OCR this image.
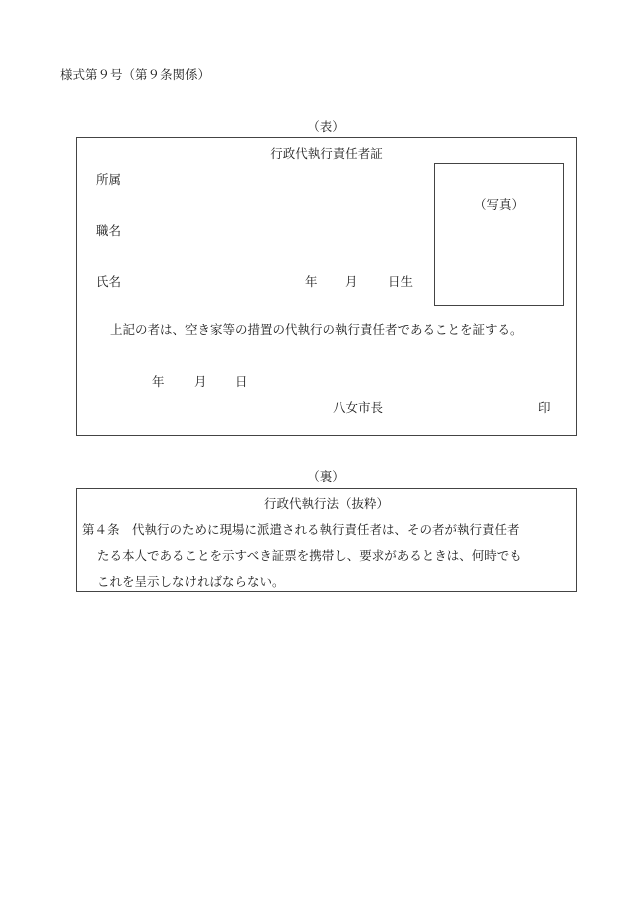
様式第９号（第９条関係）
（表）
行政代執行責任者証
所属
職名
氏名	年 月 日生
（写真）
上記の者は、空き家等の措置の代執行の執行責任者であることを証する。
年 月 日
八女市長	印
（裏）
行政代執行法（抜粋）
第４条　代執行のために現場に派遣される執行責任者は、その者が執行責任者
たる本人であることを示すべき証票を携帯し、要求があるときは、何時でも
これを呈示しなければならない。
